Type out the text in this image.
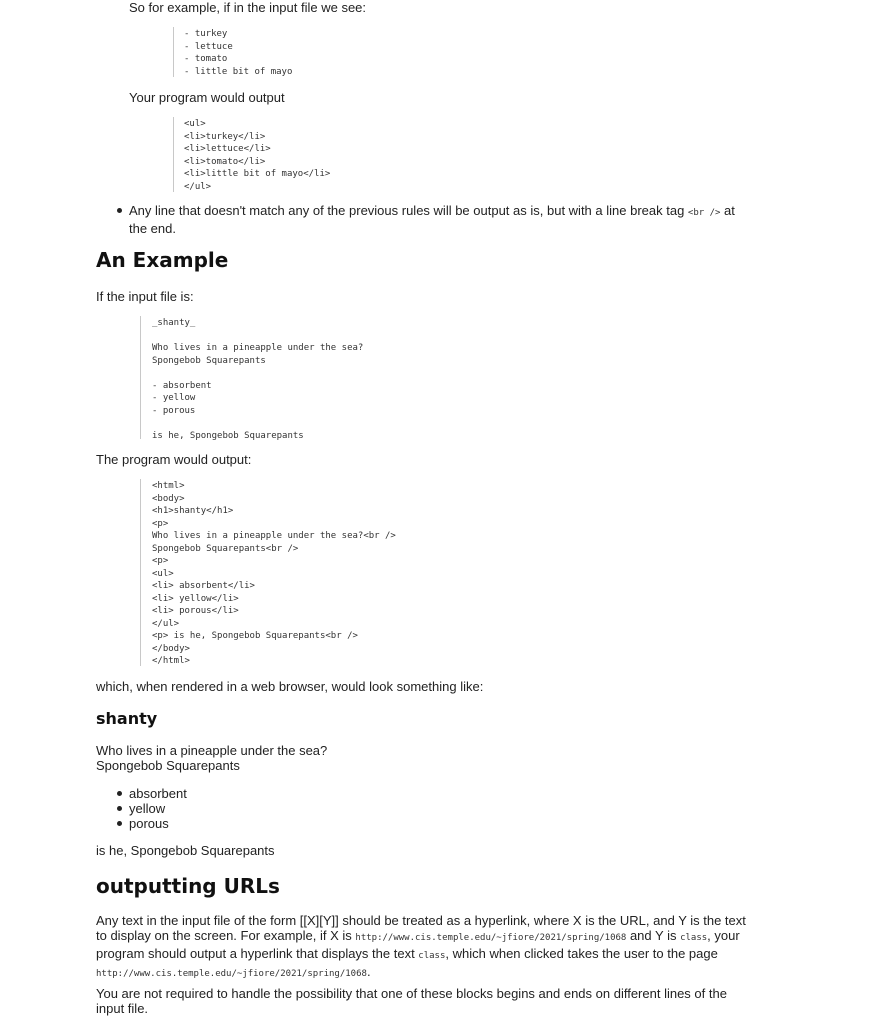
So for example, if in the input file we see:

- turkey
- lettuce
- tomato
- little bit of mayo

Your program would output

<ul>
<li>turkey</li>
<li>lettuce</li>
<li>tomato</li>
<li>little bit of mayo</li>
</ul>

Any line that doesn't match any of the previous rules will be output as is, but with a line break tag <br /> at the end.

An Example

If the input file is:

_shanty_

Who lives in a pineapple under the sea?
Spongebob Squarepants

- absorbent
- yellow
- porous

is he, Spongebob Squarepants

The program would output:

<html>
<body>
<h1>shanty</h1>
<p>
Who lives in a pineapple under the sea?<br />
Spongebob Squarepants<br />
<p>
<ul>
<li> absorbent</li>
<li> yellow</li>
<li> porous</li>
</ul>
<p> is he, Spongebob Squarepants<br />
</body>
</html>

which, when rendered in a web browser, would look something like:

shanty

Who lives in a pineapple under the sea?

Spongebob Squarepants

absorbent

yellow

porous

is he, Spongebob Squarepants

outputting URLs

Any text in the input file of the form [[X][Y]] should be treated as a hyperlink, where X is the URL, and Y is the text to display on the screen. For example, if X is http://www.cis.temple.edu/~jfiore/2021/spring/1068 and Y is class, your program should output a hyperlink that displays the text class, which when clicked takes the user to the page http://www.cis.temple.edu/~jfiore/2021/spring/1068.

You are not required to handle the possibility that one of these blocks begins and ends on different lines of the input file.
